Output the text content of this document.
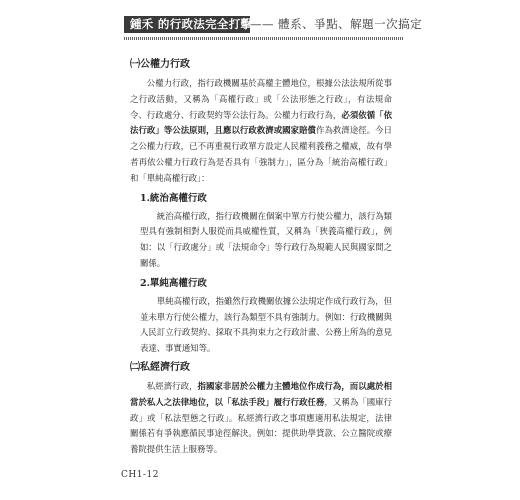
鍾禾 的行政法完全打擊（上）
—— 體系、爭點、解題一次搞定
㈠公權力行政

公權力行政，指行政機關基於高權主體地位，根據公法法規所從事之行政活動，又稱為「高權行政」或「公法形態之行政」，有法規命令、行政處分、行政契約等公法行為。公權力行政行為，必須依循「依法行政」等公法原則，且應以行政救濟或國家賠償作為救濟途徑。今日之公權力行政，已不再重視行政單方設定人民權利義務之權威，故有學者再依公權力行政行為是否具有「強制力」，區分為「統治高權行政」和「單純高權行政」：

1.統治高權行政

統治高權行政，指行政機關在個案中單方行使公權力，該行為類型具有強制相對人服從而具威權性質，又稱為「狹義高權行政」，例如：以「行政處分」或「法規命令」等行政行為規範人民與國家間之關係。

2.單純高權行政

單純高權行政，指雖然行政機關依據公法規定作成行政行為，但並未單方行使公權力，該行為類型不具有強制力。例如：行政機關與人民訂立行政契約、採取不具拘束力之行政計畫、公務上所為的意見表達、事實通知等。

㈡私經濟行政

私經濟行政，指國家非居於公權力主體地位作成行為，而以處於相當於私人之法律地位，以「私法手段」履行行政任務，又稱為「國庫行政」或「私法型態之行政」。私經濟行政之事項應適用私法規定，法律關係若有爭執應循民事途徑解決。例如：提供助學貸款、公立醫院或療養院提供生活上服務等。

CH1-12
